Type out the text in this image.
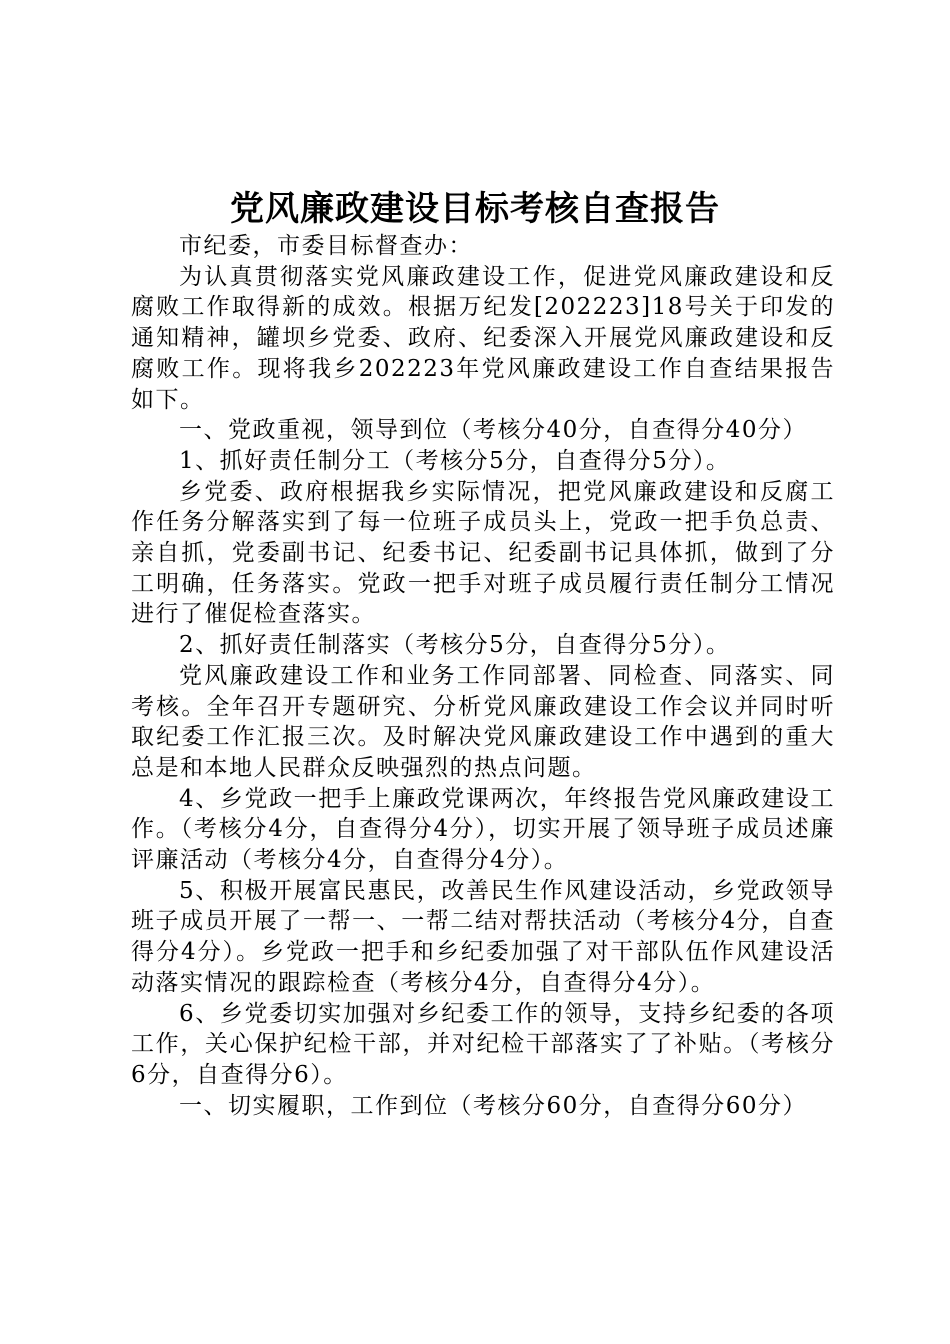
党风廉政建设目标考核自查报告

市纪委，市委目标督查办：

为认真贯彻落实党风廉政建设工作，促进党风廉政建设和反腐败工作取得新的成效。根据万纪发[202223]18号关于印发的通知精神，罐坝乡党委、政府、纪委深入开展党风廉政建设和反腐败工作。现将我乡202223年党风廉政建设工作自查结果报告如下。

一、党政重视，领导到位（考核分40分，自查得分40分）

1、抓好责任制分工（考核分5分，自查得分5分）。

乡党委、政府根据我乡实际情况，把党风廉政建设和反腐工作任务分解落实到了每一位班子成员头上，党政一把手负总责、亲自抓，党委副书记、纪委书记、纪委副书记具体抓，做到了分工明确，任务落实。党政一把手对班子成员履行责任制分工情况进行了催促检查落实。

2、抓好责任制落实（考核分5分，自查得分5分）。

党风廉政建设工作和业务工作同部署、同检查、同落实、同考核。全年召开专题研究、分析党风廉政建设工作会议并同时听取纪委工作汇报三次。及时解决党风廉政建设工作中遇到的重大总是和本地人民群众反映强烈的热点问题。

4、乡党政一把手上廉政党课两次，年终报告党风廉政建设工作。（考核分4分，自查得分4分），切实开展了领导班子成员述廉评廉活动（考核分4分，自查得分4分）。

5、积极开展富民惠民，改善民生作风建设活动，乡党政领导班子成员开展了一帮一、一帮二结对帮扶活动（考核分4分，自查得分4分）。乡党政一把手和乡纪委加强了对干部队伍作风建设活动落实情况的跟踪检查（考核分4分，自查得分4分）。

6、乡党委切实加强对乡纪委工作的领导，支持乡纪委的各项工作，关心保护纪检干部，并对纪检干部落实了了补贴。（考核分6分，自查得分6）。

一、切实履职，工作到位（考核分60分，自查得分60分）
